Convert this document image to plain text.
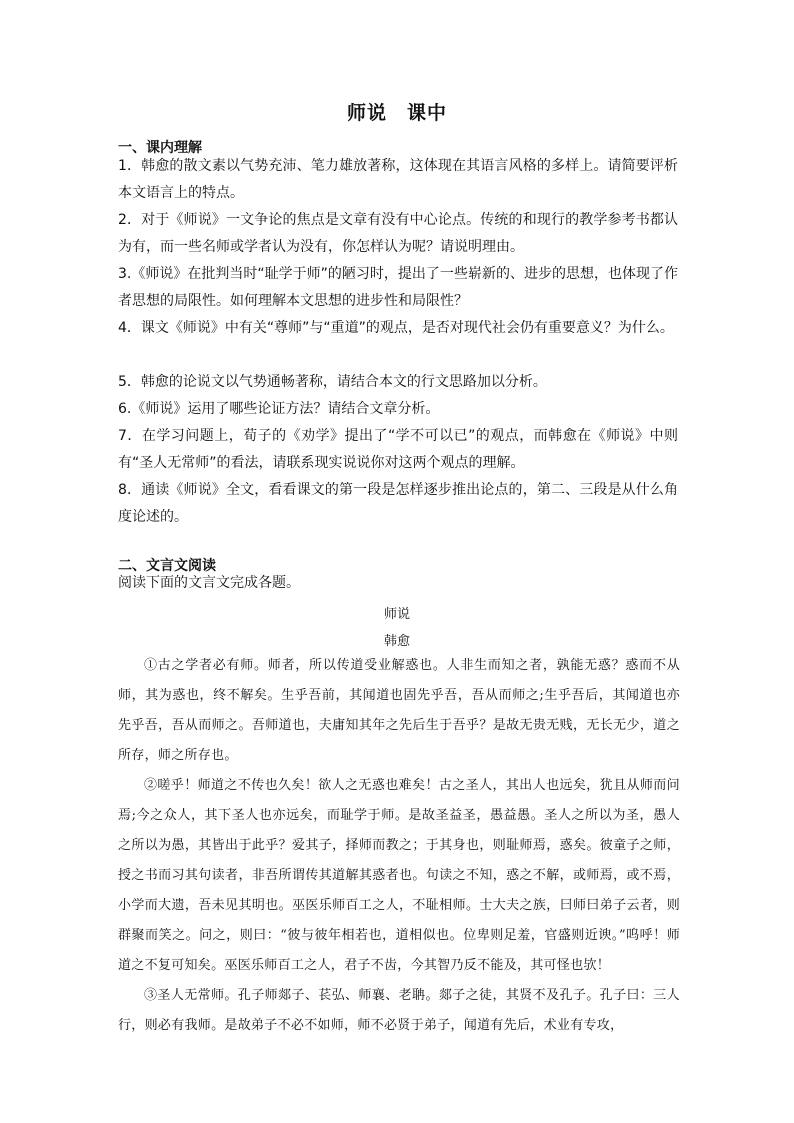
师说　课中

一、课内理解

1．韩愈的散文素以气势充沛、笔力雄放著称，这体现在其语言风格的多样上。请简要评析本文语言上的特点。

2．对于《师说》一文争论的焦点是文章有没有中心论点。传统的和现行的教学参考书都认为有，而一些名师或学者认为没有，你怎样认为呢？请说明理由。

3.《师说》在批判当时“耻学于师”的陋习时，提出了一些崭新的、进步的思想，也体现了作者思想的局限性。如何理解本文思想的进步性和局限性？

4．课文《师说》中有关“尊师”与“重道”的观点，是否对现代社会仍有重要意义？为什么。

5．韩愈的论说文以气势通畅著称，请结合本文的行文思路加以分析。

6.《师说》运用了哪些论证方法？请结合文章分析。

7．在学习问题上，荀子的《劝学》提出了“学不可以已”的观点，而韩愈在《师说》中则有“圣人无常师”的看法，请联系现实说说你对这两个观点的理解。

8．通读《师说》全文，看看课文的第一段是怎样逐步推出论点的，第二、三段是从什么角度论述的。

二、文言文阅读

阅读下面的文言文完成各题。

师说

韩愈

①古之学者必有师。师者，所以传道受业解惑也。人非生而知之者，孰能无惑？惑而不从师，其为惑也，终不解矣。生乎吾前，其闻道也固先乎吾，吾从而师之;生乎吾后，其闻道也亦先乎吾，吾从而师之。吾师道也，夫庸知其年之先后生于吾乎？是故无贵无贱，无长无少，道之所存，师之所存也。

②嗟乎！师道之不传也久矣！欲人之无惑也难矣！古之圣人，其出人也远矣，犹且从师而问焉;今之众人，其下圣人也亦远矣，而耻学于师。是故圣益圣，愚益愚。圣人之所以为圣，愚人之所以为愚，其皆出于此乎？爱其子，择师而教之；于其身也，则耻师焉，惑矣。彼童子之师，授之书而习其句读者，非吾所谓传其道解其惑者也。句读之不知，惑之不解，或师焉，或不焉，小学而大遗，吾未见其明也。巫医乐师百工之人，不耻相师。士大夫之族，曰师曰弟子云者，则群聚而笑之。问之，则曰：“彼与彼年相若也，道相似也。位卑则足羞，官盛则近谀。”呜呼！师道之不复可知矣。巫医乐师百工之人，君子不齿，今其智乃反不能及，其可怪也欤！

③圣人无常师。孔子师郯子、苌弘、师襄、老聃。郯子之徒，其贤不及孔子。孔子曰：三人行，则必有我师。是故弟子不必不如师，师不必贤于弟子，闻道有先后，术业有专攻，
